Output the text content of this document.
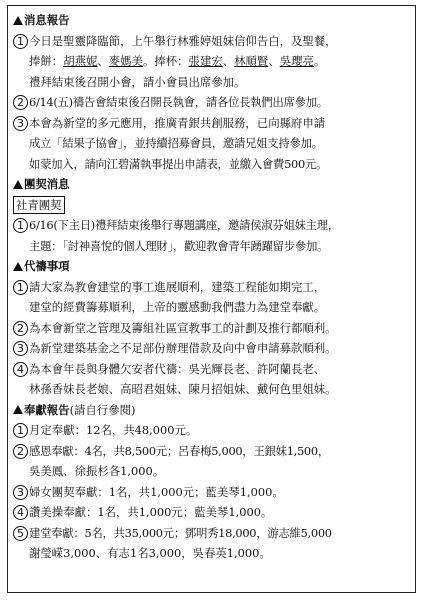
消息報告
1 今日是聖靈降臨節，上午舉行林雅婷姐妹信仰告白，及聖餐，
捧餅：胡燕妮、麥媽美。捧杯：張建宏、林順賢、吳瓔亮。
禮拜結束後召開小會，請小會員出席參加。
2 6/14(五)禱告會結束後召開長執會，請各位長執們出席參加。
3 本會為新堂的多元應用，推廣青銀共創服務，已向縣府申請
成立「結果子協會」，並持續招募會員，邀請兄姐支持參加。
如蒙加入，請向江碧滿執事提出申請表，並繳入會費500元。
團契消息
社青團契
1 6/16(下主日)禮拜結束後舉行專題講座，邀請侯淑芬姐妹主理，
主題：「討神喜悅的個人理財」，歡迎教會青年踴躍留步參加。
代禱事項
1 請大家為教會建堂的事工進展順利，建築工程能如期完工，
建堂的經費籌募順利，上帝的靈感動我們盡力為建堂奉獻。
2 為本會新堂之管理及籌組社區宣教事工的計劃及推行都順利。
3 為新堂建築基金之不足部份辦理借款及向中會申請募款順利。
4 為本會年長與身體欠安者代禱：吳光輝長老、許阿蘭長老、
林孫香妹長老娘、高昭君姐妹、陳月招姐妹、戴何色里姐妹。
奉獻報告 (請自行參閱)
1 月定奉獻：12名，共48,000元。
2 感恩奉獻：4名，共8,500元；呂春梅5,000，王銀妹1,500，
吳美鳳、徐振杉各1,000。
3 婦女團契奉獻：1名，共1,000元；藍美琴1,000。
4 讚美操奉獻：1名，共1,000元；藍美琴1,000。
5 建堂奉獻：5名，共35,000元；鄧明秀18,000，游志維5,000
謝瑩嵘3,000、有志1名3,000，吳春英1,000。
